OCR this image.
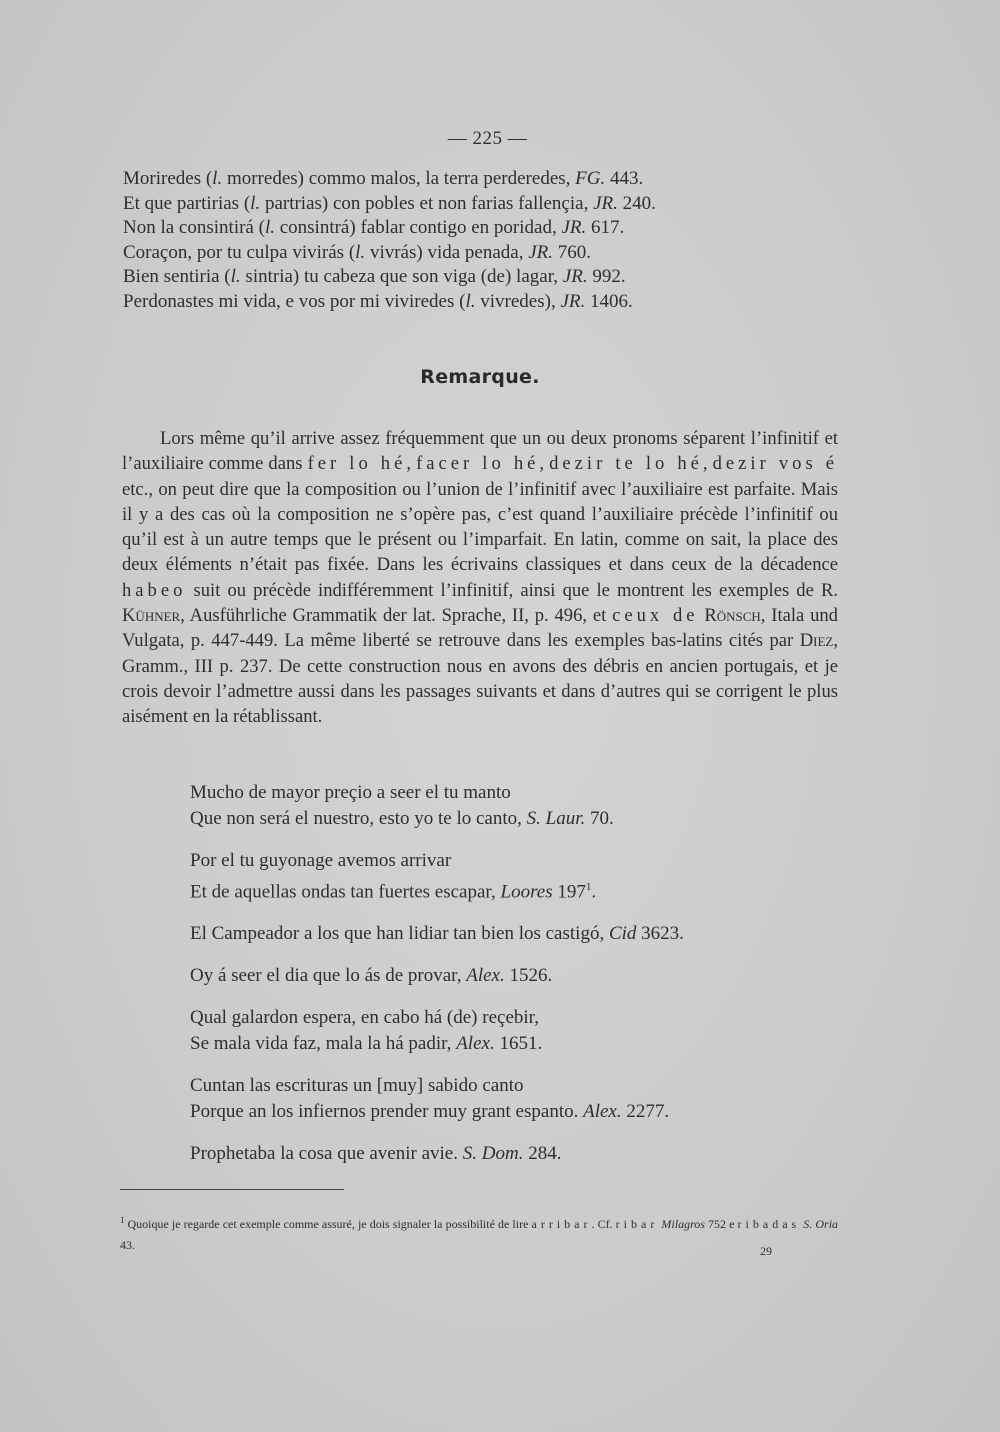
— 225 —
Moriredes (l. morredes) commo malos, la terra perderedes, FG. 443.
Et que partirias (l. partrias) con pobles et non farias fallençia, JR. 240.
Non la consintirá (l. consintrá) fablar contigo en poridad, JR. 617.
Coraçon, por tu culpa vivirás (l. vivrás) vida penada, JR. 760.
Bien sentiria (l. sintria) tu cabeza que son viga (de) lagar, JR. 992.
Perdonastes mi vida, e vos por mi viviredes (l. vivredes), JR. 1406.
Remarque.

Lors même qu’il arrive assez fréquemment que un ou deux pronoms séparent l’infinitif et l’auxiliaire comme dans fer lo hé, facer lo hé, dezir te lo hé, dezir vos é etc., on peut dire que la composition ou l’union de l’infinitif avec l’auxiliaire est parfaite. Mais il y a des cas où la composition ne s’opère pas, c’est quand l’auxiliaire précède l’infinitif ou qu’il est à un autre temps que le présent ou l’imparfait. En latin, comme on sait, la place des deux éléments n’était pas fixée. Dans les écrivains classiques et dans ceux de la décadence habeo suit ou précède indifféremment l’infinitif, ainsi que le montrent les exemples de R. Kühner, Ausführliche Grammatik der lat. Sprache, II, p. 496, et ceux de Rönsch, Itala und Vulgata, p. 447-449. La même liberté se retrouve dans les exemples bas-latins cités par Diez, Gramm., III p. 237. De cette construction nous en avons des débris en ancien portugais, et je crois devoir l’admettre aussi dans les passages suivants et dans d’autres qui se corrigent le plus aisément en la rétablissant.

Mucho de mayor preçio a seer el tu manto
Que non será el nuestro, esto yo te lo canto, S. Laur. 70.
Por el tu guyonage avemos arrivar
Et de aquellas ondas tan fuertes escapar, Loores 197$^1$.
El Campeador a los que han lidiar tan bien los castigó, Cid 3623.
Oy á seer el dia que lo ás de provar, Alex. 1526.
Qual galardon espera, en cabo há (de) reçebir,
Se mala vida faz, mala la há padir, Alex. 1651.
Cuntan las escrituras un [muy] sabido canto
Porque an los infiernos prender muy grant espanto. Alex. 2277.
Prophetaba la cosa que avenir avie. S. Dom. 284.

$^1$ Quoique je regarde cet exemple comme assuré, je dois signaler la possibilité de lire arribar. Cf. ribar Milagros 752 e ribadas S. Oria 43.	29
